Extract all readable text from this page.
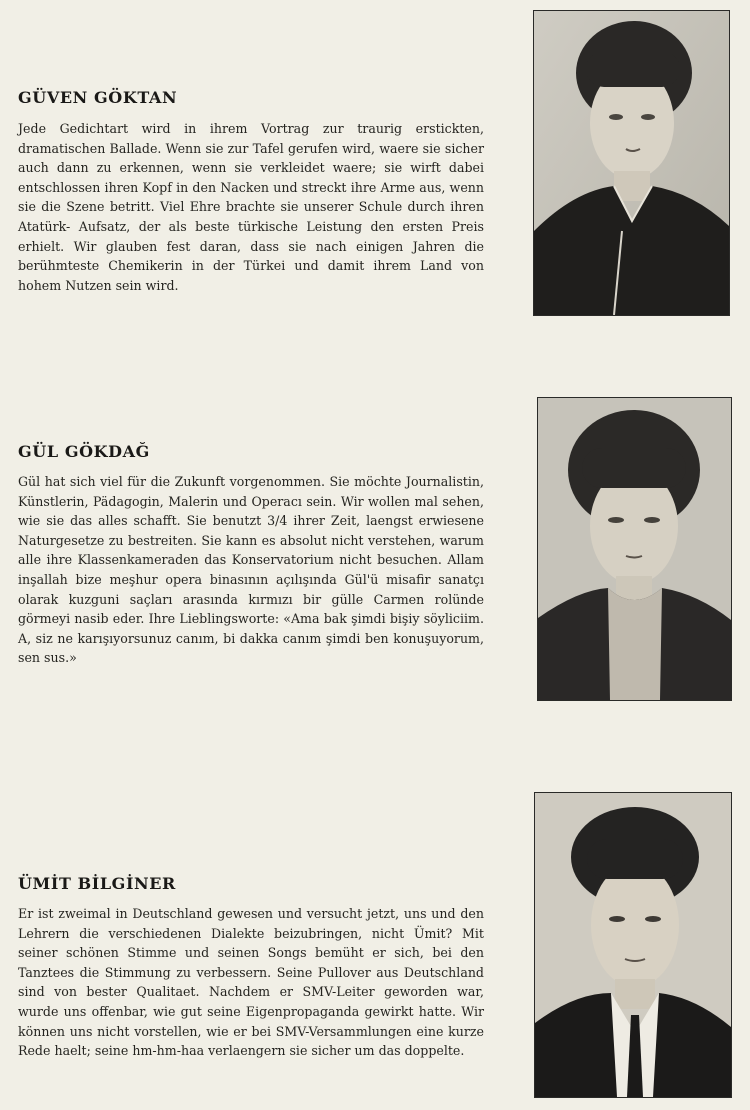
GÜVEN GÖKTAN

Jede Gedichtart wird in ihrem Vortrag zur traurig erstickten, dramatischen Ballade. Wenn sie zur Tafel gerufen wird, waere sie sicher auch dann zu erkennen, wenn sie verkleidet waere; sie wirft dabei entschlossen ihren Kopf in den Nacken und streckt ihre Arme aus, wenn sie die Szene betritt. Viel Ehre brachte sie unserer Schule durch ihren Atatürk- Aufsatz, der als beste türkische Leistung den ersten Preis erhielt. Wir glauben fest daran, dass sie nach einigen Jahren die berühmteste Chemikerin in der Türkei und damit ihrem Land von hohem Nutzen sein wird.

GÜL GÖKDAĞ

Gül hat sich viel für die Zukunft vorgenommen. Sie möchte Journalistin, Künstlerin, Pädagogin, Malerin und Operacı sein. Wir wollen mal sehen, wie sie das alles schafft. Sie benutzt 3/4 ihrer Zeit, laengst erwiesene Naturgesetze zu bestreiten. Sie kann es absolut nicht verstehen, warum alle ihre Klassenkameraden das Konservatorium nicht besuchen. Allam inşallah bize meşhur opera binasının açılışında Gül'ü misafir sanatçı olarak kuzguni saçları arasında kırmızı bir gülle Carmen rolünde görmeyi nasib eder. Ihre Lieblingsworte: «Ama bak şimdi bişiy söyliciim. A, siz ne karışıyorsunuz canım, bi dakka canım şimdi ben konuşuyorum, sen sus.»

ÜMİT BİLGİNER

Er ist zweimal in Deutschland gewesen und versucht jetzt, uns und den Lehrern die verschiedenen Dialekte beizubringen, nicht Ümit? Mit seiner schönen Stimme und seinen Songs bemüht er sich, bei den Tanztees die Stimmung zu verbessern. Seine Pullover aus Deutschland sind von bester Qualitaet. Nachdem er SMV-Leiter geworden war, wurde uns offenbar, wie gut seine Eigenpropaganda gewirkt hatte. Wir können uns nicht vorstellen, wie er bei SMV-Versammlungen eine kurze Rede haelt; seine hm-hm-haa verlaengern sie sicher um das doppelte.
